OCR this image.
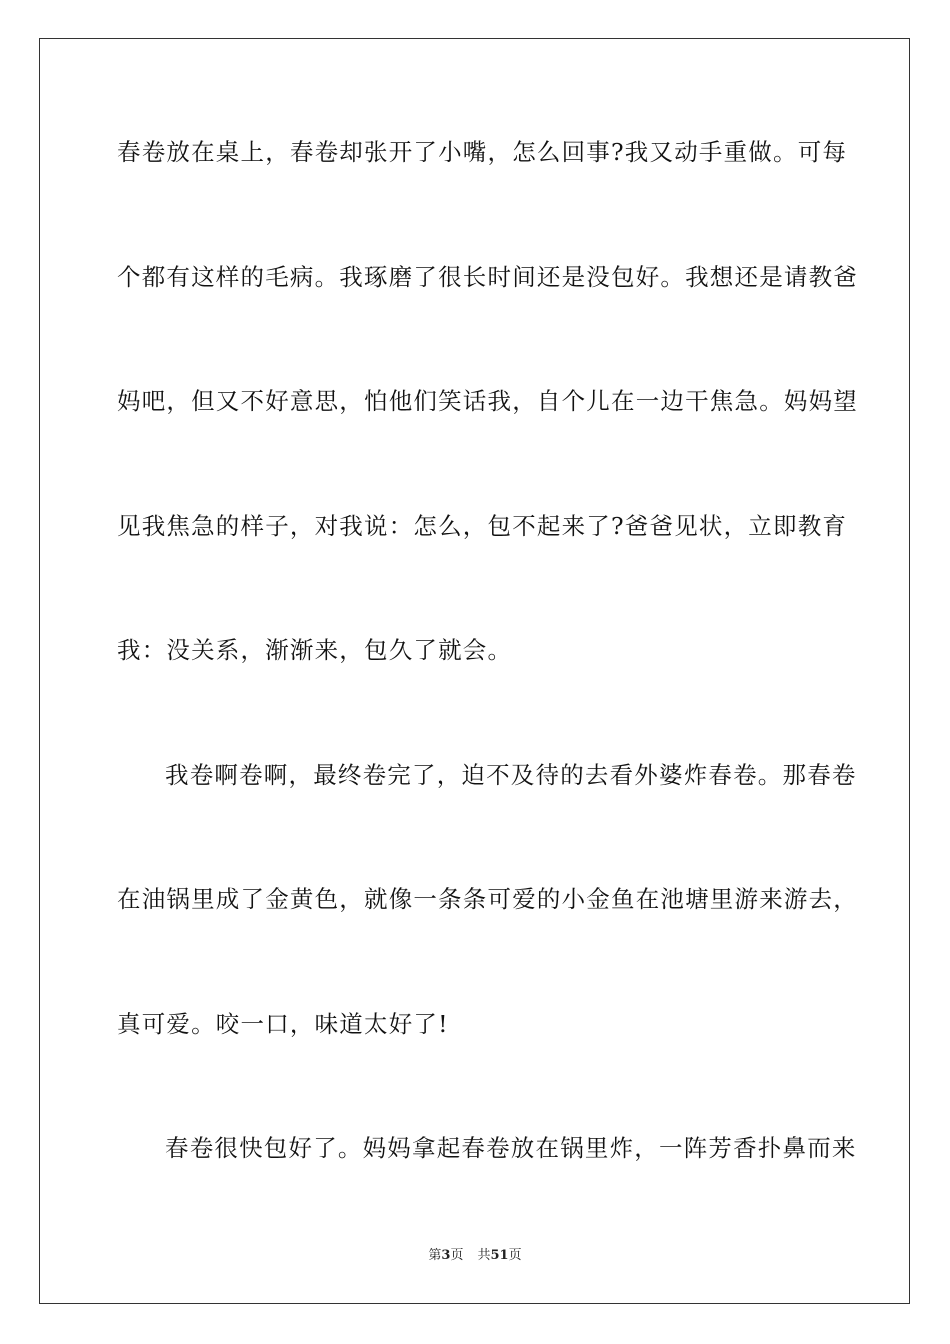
春卷放在桌上，春卷却张开了小嘴，怎么回事?我又动手重做。可每
个都有这样的毛病。我琢磨了很长时间还是没包好。我想还是请教爸
妈吧，但又不好意思，怕他们笑话我，自个儿在一边干焦急。妈妈望
见我焦急的样子，对我说：怎么，包不起来了?爸爸见状，立即教育
我：没关系，渐渐来，包久了就会。
我卷啊卷啊，最终卷完了，迫不及待的去看外婆炸春卷。那春卷
在油锅里成了金黄色，就像一条条可爱的小金鱼在池塘里游来游去，
真可爱。咬一口，味道太好了!
春卷很快包好了。妈妈拿起春卷放在锅里炸，一阵芳香扑鼻而来
第3页 共51页
